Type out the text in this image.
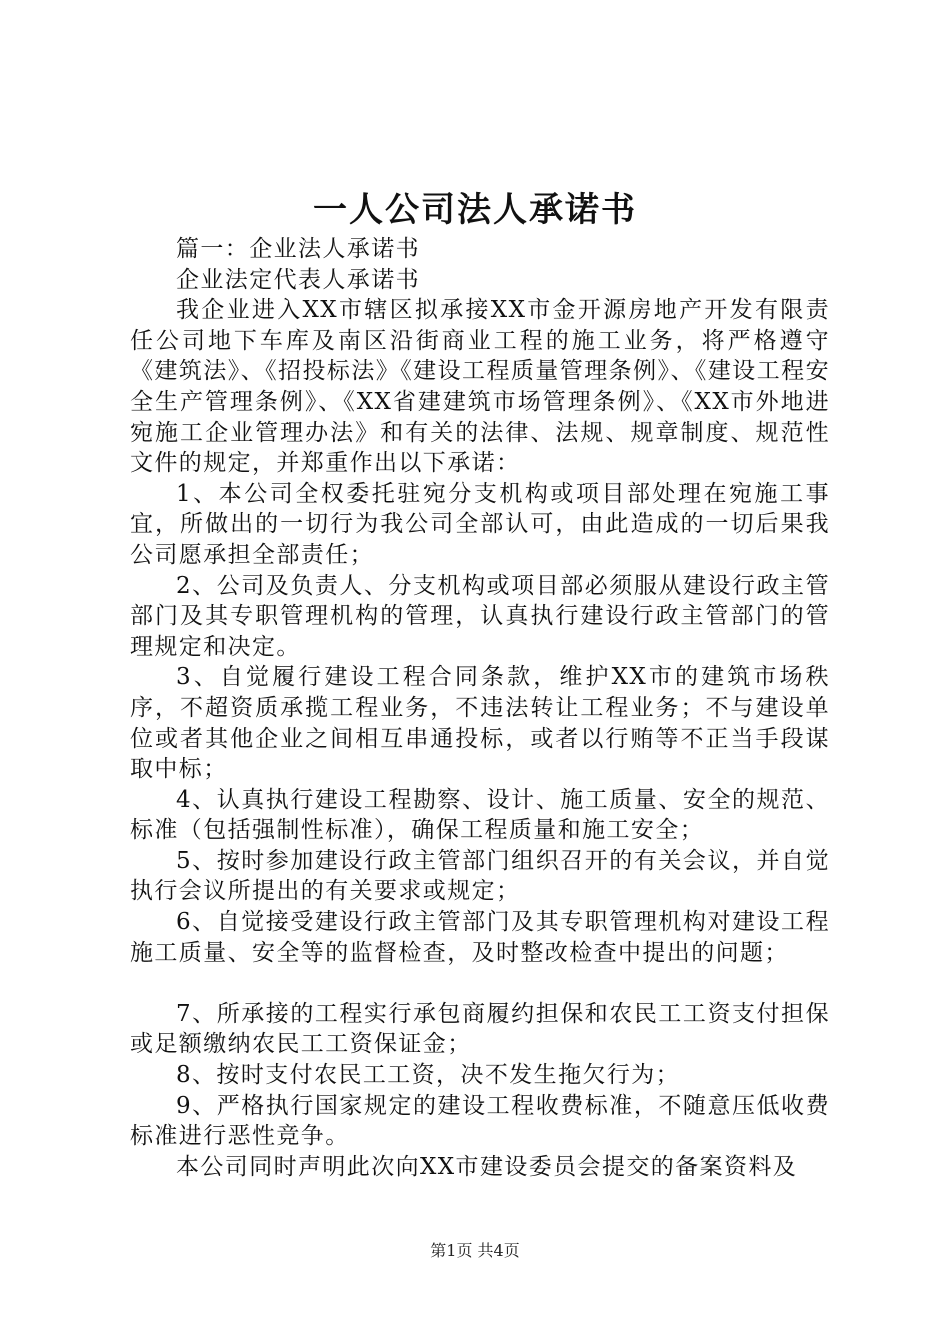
一人公司法人承诺书

篇一：企业法人承诺书

企业法定代表人承诺书

我企业进入XX市辖区拟承接XX市金开源房地产开发有限责任公司地下车库及南区沿街商业工程的施工业务，将严格遵守《建筑法》、《招投标法》《建设工程质量管理条例》、《建设工程安全生产管理条例》、《XX省建建筑市场管理条例》、《XX市外地进宛施工企业管理办法》和有关的法律、法规、规章制度、规范性文件的规定，并郑重作出以下承诺：

1、本公司全权委托驻宛分支机构或项目部处理在宛施工事宜，所做出的一切行为我公司全部认可，由此造成的一切后果我公司愿承担全部责任；

2、公司及负责人、分支机构或项目部必须服从建设行政主管部门及其专职管理机构的管理，认真执行建设行政主管部门的管理规定和决定。

3、自觉履行建设工程合同条款，维护XX市的建筑市场秩序，不超资质承揽工程业务，不违法转让工程业务；不与建设单位或者其他企业之间相互串通投标，或者以行贿等不正当手段谋取中标；

4、认真执行建设工程勘察、设计、施工质量、安全的规范、标准（包括强制性标准），确保工程质量和施工安全；

5、按时参加建设行政主管部门组织召开的有关会议，并自觉执行会议所提出的有关要求或规定；

6、自觉接受建设行政主管部门及其专职管理机构对建设工程施工质量、安全等的监督检查，及时整改检查中提出的问题；

7、所承接的工程实行承包商履约担保和农民工工资支付担保或足额缴纳农民工工资保证金；

8、按时支付农民工工资，决不发生拖欠行为；

9、严格执行国家规定的建设工程收费标准，不随意压低收费标准进行恶性竞争。

本公司同时声明此次向XX市建设委员会提交的备案资料及

第1页 共4页
